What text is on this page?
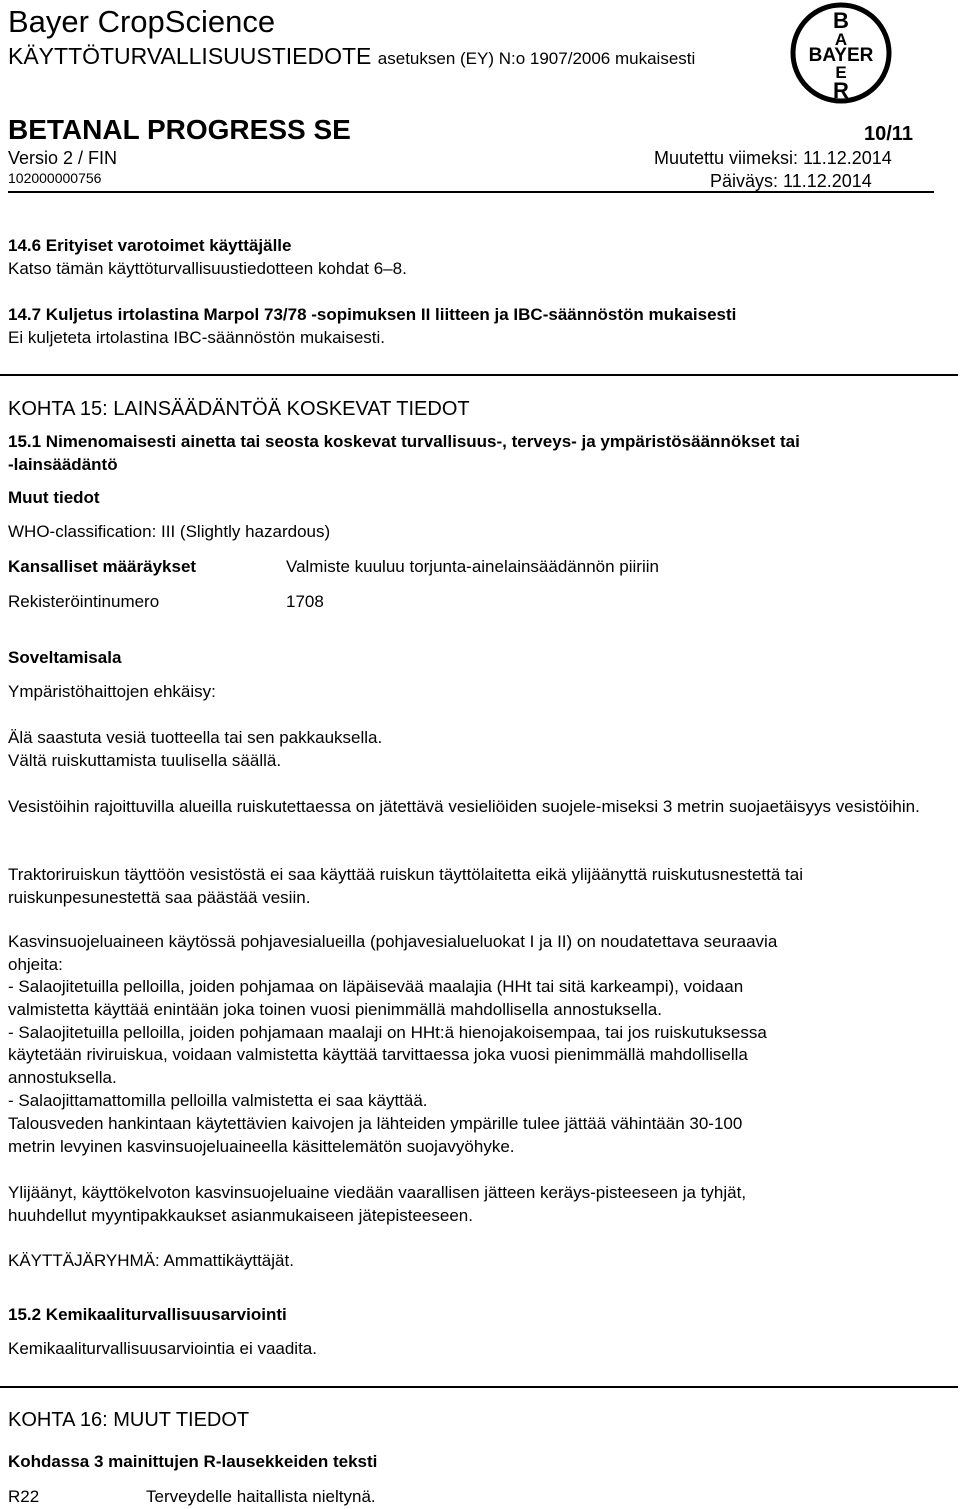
Bayer CropScience
KÄYTTÖTURVALLISUUSTIEDOTE asetuksen (EY) N:o 1907/2006 mukaisesti
B
A
BAYER
E
R
BETANAL PROGRESS SE	10/11
Versio 2 / FIN	Muutettu viimeksi: 11.12.2014
102000000756	Päiväys: 11.12.2014
14.6 Erityiset varotoimet käyttäjälle
Katso tämän käyttöturvallisuustiedotteen kohdat 6–8.
14.7 Kuljetus irtolastina Marpol 73/78 -sopimuksen II liitteen ja IBC-säännöstön mukaisesti
Ei kuljeteta irtolastina IBC-säännöstön mukaisesti.
KOHTA 15: LAINSÄÄDÄNTÖÄ KOSKEVAT TIEDOT
15.1 Nimenomaisesti ainetta tai seosta koskevat turvallisuus-, terveys- ja ympäristösäännökset tai
-lainsäädäntö
Muut tiedot
WHO-classification: III (Slightly hazardous)
Kansalliset määräykset	Valmiste kuuluu torjunta-ainelainsäädännön piiriin
Rekisteröintinumero	1708
Soveltamisala
Ympäristöhaittojen ehkäisy:
Älä saastuta vesiä tuotteella tai sen pakkauksella.
Vältä ruiskuttamista tuulisella säällä.
Vesistöihin rajoittuvilla alueilla ruiskutettaessa on jätettävä vesieliöiden suojele-miseksi 3 metrin suojaetäisyys vesistöihin.
Traktoriruiskun täyttöön vesistöstä ei saa käyttää ruiskun täyttölaitetta eikä ylijäänyttä ruiskutusnestettä tai ruiskunpesunestettä saa päästää vesiin.
Kasvinsuojeluaineen käytössä pohjavesialueilla (pohjavesialueluokat I ja II) on noudatettava seuraavia
ohjeita:
- Salaojitetuilla pelloilla, joiden pohjamaa on läpäisevää maalajia (HHt tai sitä karkeampi), voidaan
valmistetta käyttää enintään joka toinen vuosi pienimmällä mahdollisella annostuksella.
- Salaojitetuilla pelloilla, joiden pohjamaan maalaji on HHt:ä hienojakoisempaa, tai jos ruiskutuksessa
käytetään riviruiskua, voidaan valmistetta käyttää tarvittaessa joka vuosi pienimmällä mahdollisella
annostuksella.
- Salaojittamattomilla pelloilla valmistetta ei saa käyttää.
Talousveden hankintaan käytettävien kaivojen ja lähteiden ympärille tulee jättää vähintään 30-100
metrin levyinen kasvinsuojeluaineella käsittelemätön suojavyöhyke.
Ylijäänyt, käyttökelvoton kasvinsuojeluaine viedään vaarallisen jätteen keräys-pisteeseen ja tyhjät,
huuhdellut myyntipakkaukset asianmukaiseen jätepisteeseen.
KÄYTTÄJÄRYHMÄ: Ammattikäyttäjät.
15.2 Kemikaaliturvallisuusarviointi
Kemikaaliturvallisuusarviointia ei vaadita.
KOHTA 16: MUUT TIEDOT
Kohdassa 3 mainittujen R-lausekkeiden teksti
R22	Terveydelle haitallista nieltynä.
